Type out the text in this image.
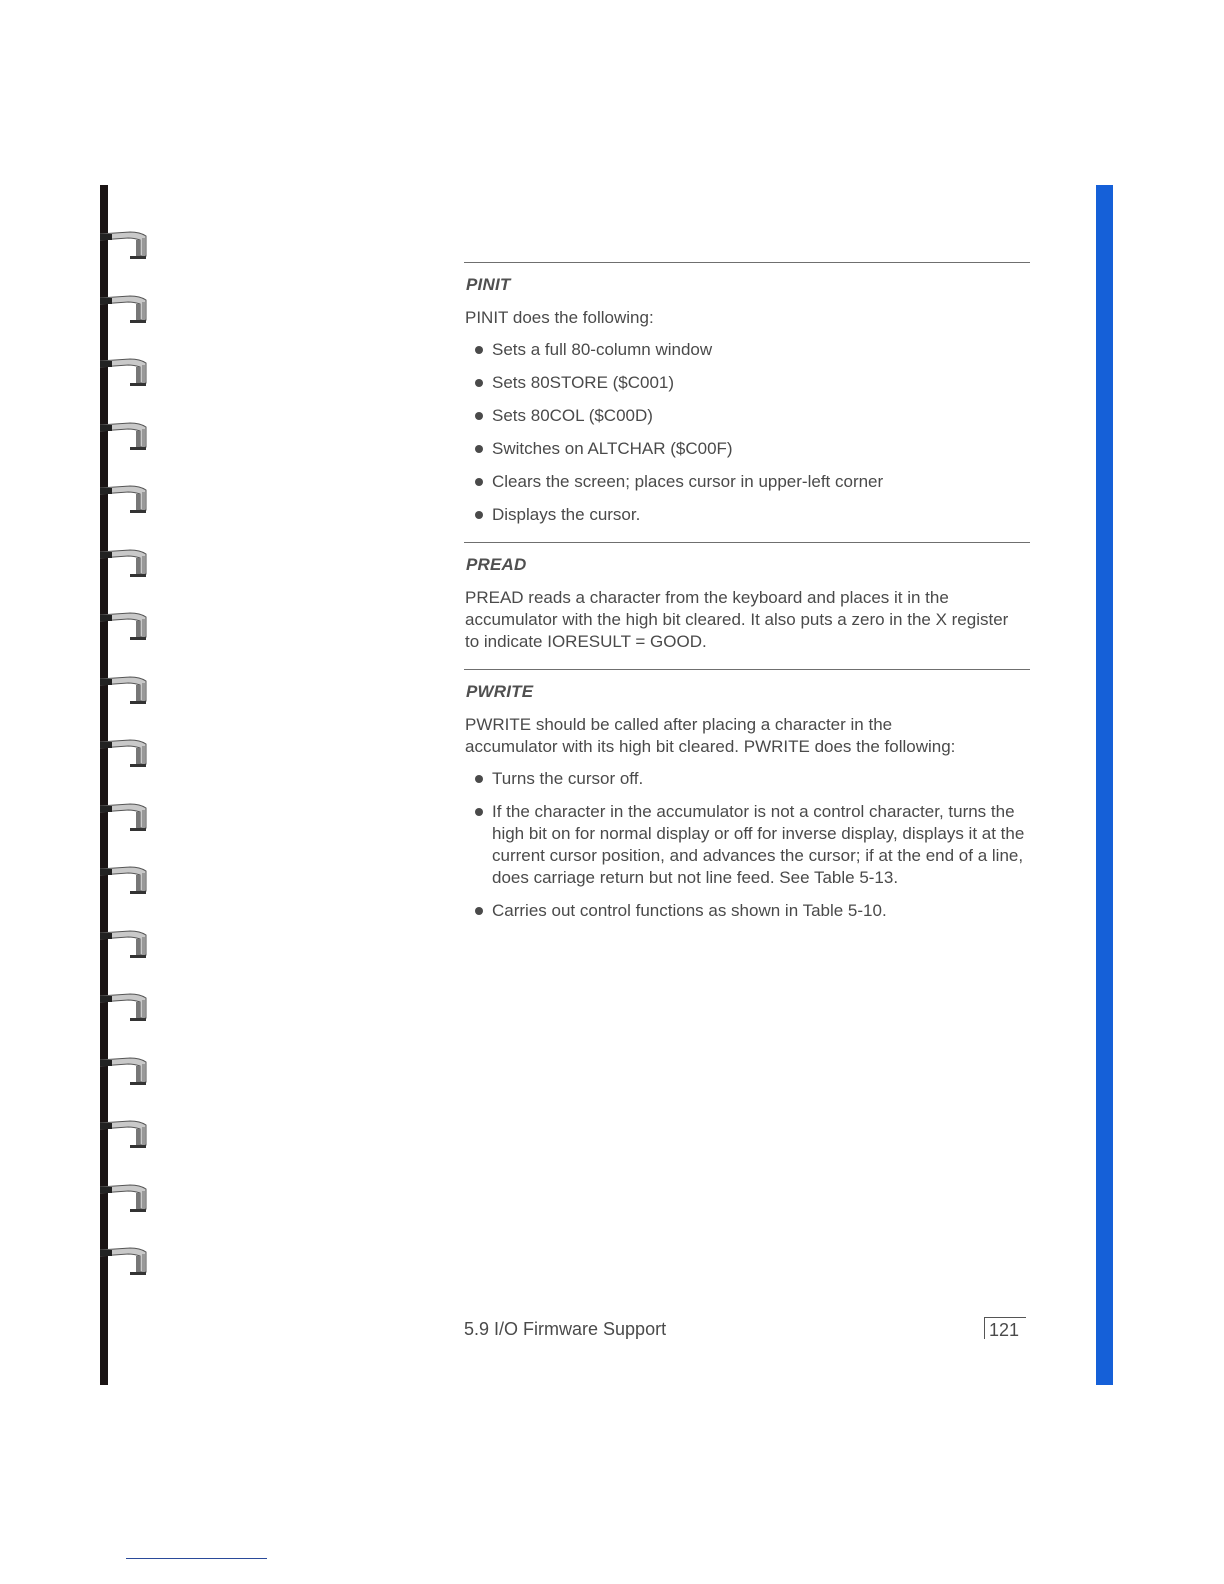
PINIT
PINIT does the following:
Sets a full 80-column window
Sets 80STORE ($C001)
Sets 80COL ($C00D)
Switches on ALTCHAR ($C00F)
Clears the screen; places cursor in upper-left corner
Displays the cursor.
PREAD
PREAD reads a character from the keyboard and places it in the accumulator with the high bit cleared. It also puts a zero in the X register to indicate IORESULT = GOOD.
PWRITE
PWRITE should be called after placing a character in the accumulator with its high bit cleared. PWRITE does the following:
Turns the cursor off.
If the character in the accumulator is not a control character, turns the high bit on for normal display or off for inverse display, displays it at the current cursor position, and advances the cursor; if at the end of a line, does carriage return but not line feed. See Table 5-13.
Carries out control functions as shown in Table 5-10.
5.9 I/O Firmware Support	121
